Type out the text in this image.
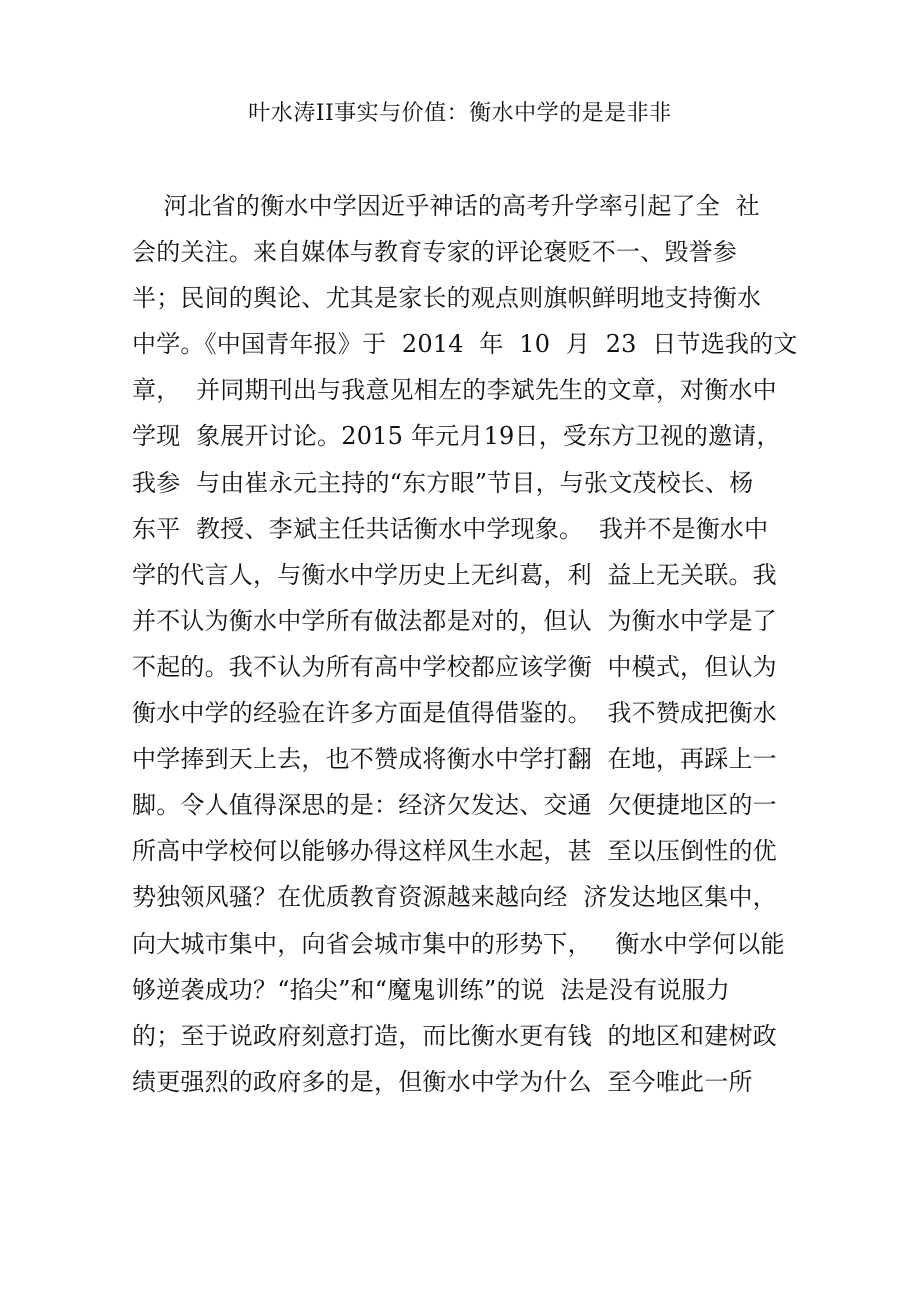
叶水涛II事实与价值：衡水中学的是是非非
河北省的衡水中学因近乎神话的高考升学率引起了全  社
会的关注。来自媒体与教育专家的评论褒贬不一、毁誉参
半；民间的舆论、尤其是家长的观点则旗帜鲜明地支持衡水
中学。《中国青年报》于  2014  年  10  月  23  日节选我的文
章，  并同期刊出与我意见相左的李斌先生的文章，对衡水中
学现  象展开讨论。2015 年元月19日，受东方卫视的邀请，
我参  与由崔永元主持的“东方眼”节目，与张文茂校长、杨
东平  教授、李斌主任共话衡水中学现象。  我并不是衡水中
学的代言人，与衡水中学历史上无纠葛，利  益上无关联。我
并不认为衡水中学所有做法都是对的，但认  为衡水中学是了
不起的。我不认为所有高中学校都应该学衡  中模式，但认为
衡水中学的经验在许多方面是值得借鉴的。  我不赞成把衡水
中学捧到天上去，也不赞成将衡水中学打翻  在地，再踩上一
脚。令人值得深思的是：经济欠发达、交通  欠便捷地区的一
所高中学校何以能够办得这样风生水起，甚  至以压倒性的优
势独领风骚？在优质教育资源越来越向经  济发达地区集中，
向大城市集中，向省会城市集中的形势下，   衡水中学何以能
够逆袭成功？“掐尖”和“魔鬼训练”的说  法是没有说服力
的；至于说政府刻意打造，而比衡水更有钱  的地区和建树政
绩更强烈的政府多的是，但衡水中学为什么  至今唯此一所
